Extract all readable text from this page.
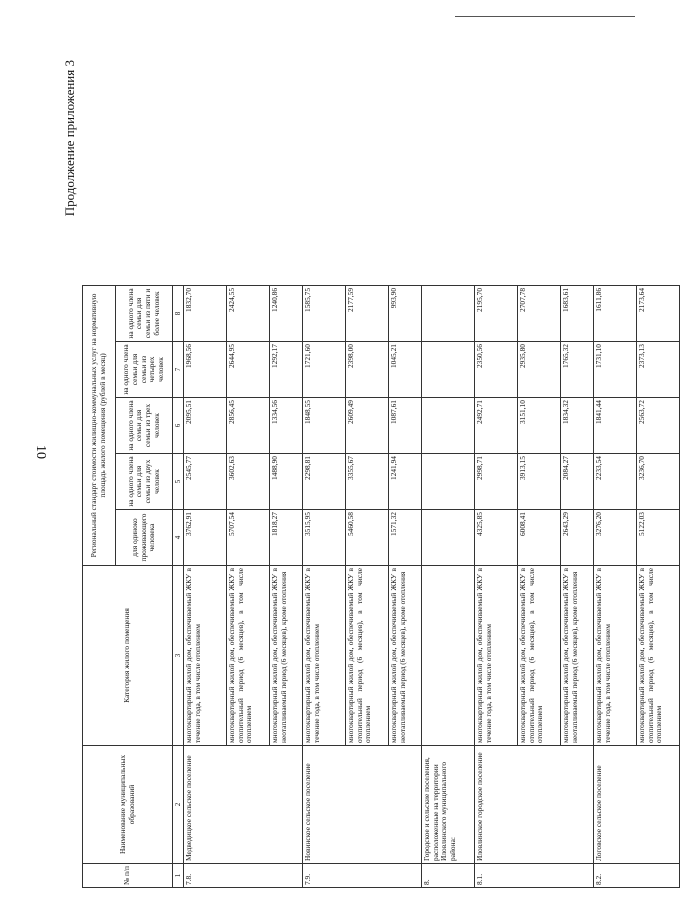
10
Продолжение приложения 3
№ п/п	Наименование муниципальных образований	Категория жилого помещения	Региональный стандарт стоимости жилищно-коммунальных услуг на нормативную площадь жилого помещения (рублей в месяц)					
			для одиноко проживающего человека	на одного члена семьи для семьи из двух человек	на одного члена семьи для семьи из трех человек	на одного члена семьи для семьи из четырех человек	на одного члена семьи для семьи из пяти и более человек	
1	2	3	4	5	6	7	8	
7.8.	Медведицкое сельское поселение	многоквартирный жилой дом, обеспечиваемый ЖКУ в течение года, в том числе отоплением	3762,91	2545,77	2095,51	1968,56	1832,70	
		многоквартирный жилой дом, обеспечиваемый ЖКУ в отопительный период (6 месяцев), в том числе отоплением	5707,54	3602,63	2856,45	2644,95	2424,55	
		многоквартирный жилой дом, обеспечиваемый ЖКУ в неотапливаемый период (6 месяцев), кроме отопления	1818,27	1488,90	1334,56	1292,17	1240,86	
7.9.	Новинское сельское поселение	многоквартирный жилой дом, обеспечиваемый ЖКУ в течение года, в том числе отоплением	3515,95	2298,81	1848,55	1721,60	1585,75	
		многоквартирный жилой дом, обеспечиваемый ЖКУ в отопительный период (6 месяцев), в том числе отоплением	5460,58	3355,67	2609,49	2398,00	2177,59	
		многоквартирный жилой дом, обеспечиваемый ЖКУ в неотапливаемый период (6 месяцев), кроме отопления	1571,32	1241,94	1087,61	1045,21	993,90	
8.	Городское и сельские поселения, расположенные на территории Иловлинского муниципального района:							
8.1.	Иловлинское городское поселение	многоквартирный жилой дом, обеспечиваемый ЖКУ в течение года, в том числе отоплением	4325,85	2998,71	2492,71	2350,56	2195,70	
		многоквартирный жилой дом, обеспечиваемый ЖКУ в отопительный период (6 месяцев), в том числе отоплением	6008,41	3913,15	3151,10	2935,80	2707,78	
		многоквартирный жилой дом, обеспечиваемый ЖКУ в неотапливаемый период (6 месяцев), кроме отопления	2643,29	2084,27	1834,32	1765,32	1683,61	
8.2.	Логовское сельское поселение	многоквартирный жилой дом, обеспечиваемый ЖКУ в течение года, в том числе отоплением	3276,20	2233,54	1841,44	1731,10	1611,86	
		многоквартирный жилой дом, обеспечиваемый ЖКУ в отопительный период (6 месяцев), в том числе отоплением	5122,03	3236,70	2563,72	2373,13	2173,64	
